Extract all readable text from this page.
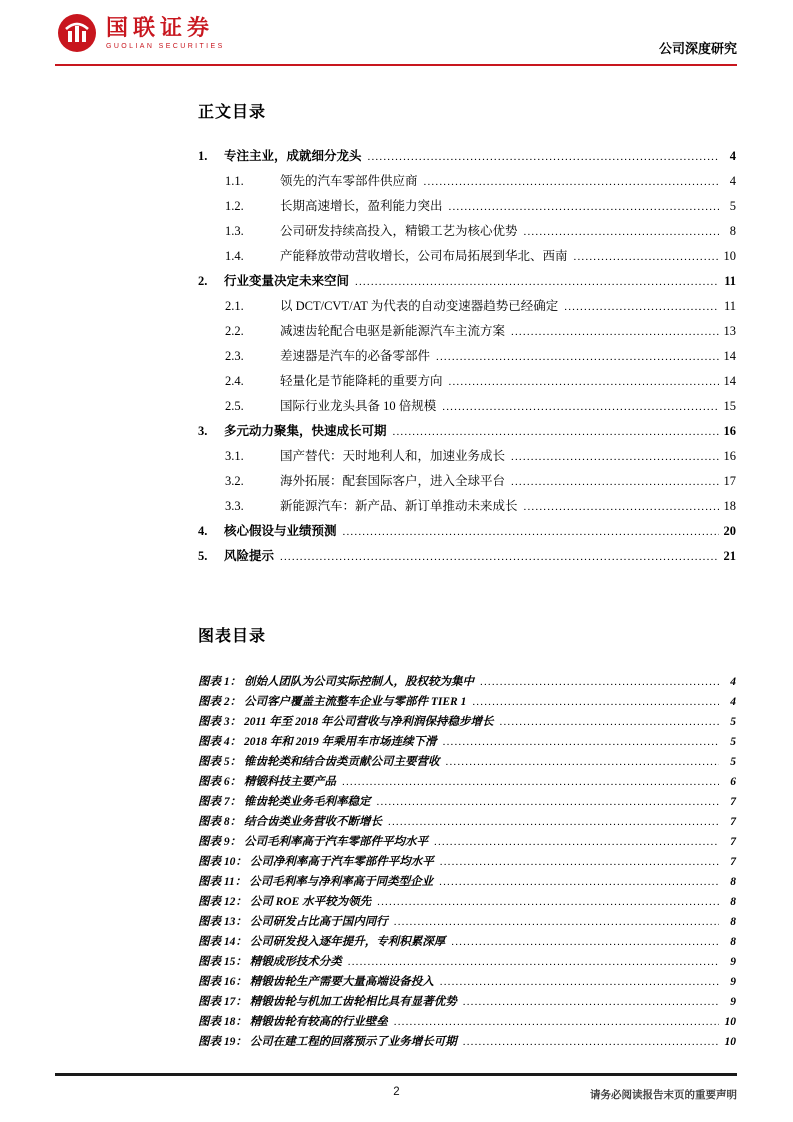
国联证券
GUOLIAN SECURITIES	公司深度研究
正文目录
1.	专注主业，成就细分龙头 .....	4
1.1.	领先的汽车零部件供应商 .....	4
1.2.	长期高速增长，盈利能力突出 .....	5
1.3.	公司研发持续高投入，精锻工艺为核心优势 .....	8
1.4.	产能释放带动营收增长，公司布局拓展到华北、西南 .....	10
2.	行业变量决定未来空间 .....	11
2.1.	以 DCT/CVT/AT 为代表的自动变速器趋势已经确定 .....	11
2.2.	减速齿轮配合电驱是新能源汽车主流方案 .....	13
2.3.	差速器是汽车的必备零部件 .....	14
2.4.	轻量化是节能降耗的重要方向 .....	14
2.5.	国际行业龙头具备 10 倍规模 .....	15
3.	多元动力聚集，快速成长可期 .....	16
3.1.	国产替代：天时地利人和，加速业务成长 .....	16
3.2.	海外拓展：配套国际客户，进入全球平台 .....	17
3.3.	新能源汽车：新产品、新订单推动未来成长 .....	18
4.	核心假设与业绩预测 .....	20
5.	风险提示 .....	21
图表目录
图表 1： 创始人团队为公司实际控制人，股权较为集中 .....	4
图表 2： 公司客户覆盖主流整车企业与零部件 TIER 1 .....	4
图表 3： 2011 年至 2018 年公司营收与净利润保持稳步增长 .....	5
图表 4： 2018 年和 2019 年乘用车市场连续下滑 .....	5
图表 5： 锥齿轮类和结合齿类贡献公司主要营收 .....	5
图表 6： 精锻科技主要产品 .....	6
图表 7： 锥齿轮类业务毛利率稳定 .....	7
图表 8： 结合齿类业务营收不断增长 .....	7
图表 9： 公司毛利率高于汽车零部件平均水平 .....	7
图表 10： 公司净利率高于汽车零部件平均水平 .....	7
图表 11： 公司毛利率与净利率高于同类型企业 .....	8
图表 12： 公司 ROE 水平较为领先 .....	8
图表 13： 公司研发占比高于国内同行 .....	8
图表 14： 公司研发投入逐年提升，专利积累深厚 .....	8
图表 15： 精锻成形技术分类 .....	9
图表 16： 精锻齿轮生产需要大量高端设备投入 .....	9
图表 17： 精锻齿轮与机加工齿轮相比具有显著优势 .....	9
图表 18： 精锻齿轮有较高的行业壁垒 .....	10
图表 19： 公司在建工程的回落预示了业务增长可期 .....	10
2	请务必阅读报告末页的重要声明
